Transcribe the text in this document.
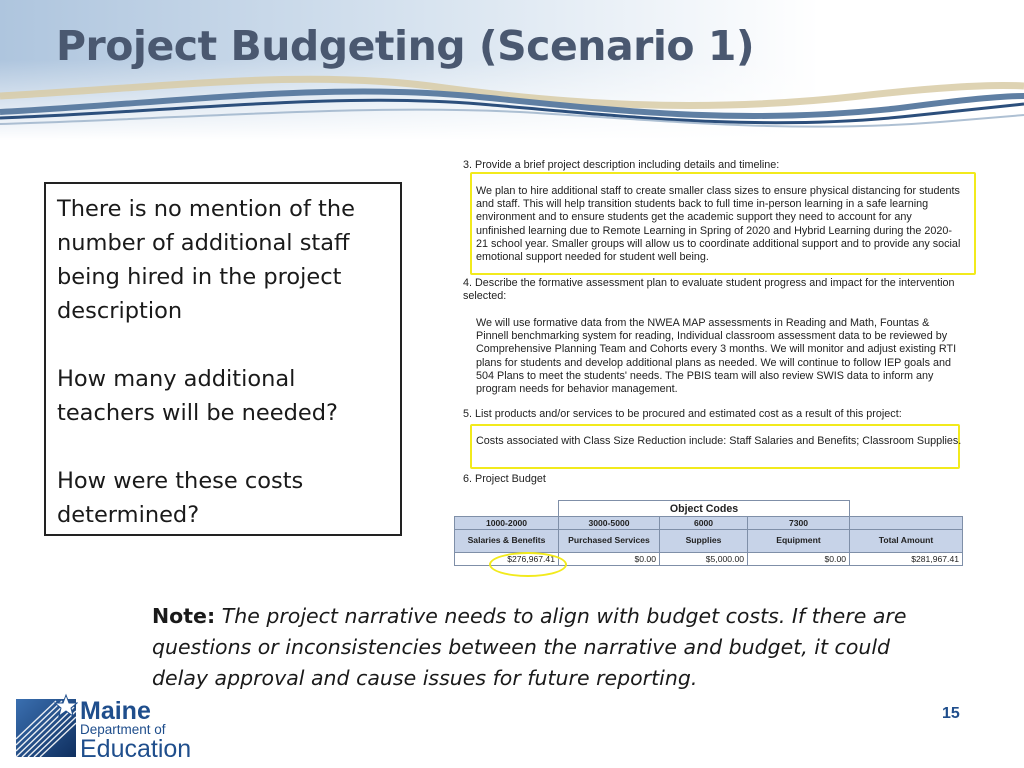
Project Budgeting (Scenario 1)

There is no mention of the number of additional staff being hired in the project description

How many additional teachers will be needed?

How were these costs determined?

3. Provide a brief project description including details and timeline:
We plan to hire additional staff to create smaller class sizes to ensure physical distancing for students and staff. This will help transition students back to full time in-person learning in a safe learning environment and to ensure students get the academic support they need to account for any unfinished learning due to Remote Learning in Spring of 2020 and Hybrid Learning during the 2020-21 school year. Smaller groups will allow us to coordinate additional support and to provide any social emotional support needed for student well being.
4. Describe the formative assessment plan to evaluate student progress and impact for the intervention selected:
We will use formative data from the NWEA MAP assessments in Reading and Math, Fountas & Pinnell benchmarking system for reading, Individual classroom assessment data to be reviewed by Comprehensive Planning Team and Cohorts every 3 months. We will monitor and adjust existing RTI plans for students and develop additional plans as needed. We will continue to follow IEP goals and 504 Plans to meet the students' needs. The PBIS team will also review SWIS data to inform any program needs for behavior management.
5. List products and/or services to be procured and estimated cost as a result of this project:
Costs associated with Class Size Reduction include: Staff Salaries and Benefits; Classroom Supplies.
6. Project Budget
	Object Codes			
1000-2000	3000-5000	6000	7300	
Salaries & Benefits	Purchased Services	Supplies	Equipment	Total Amount
$276,967.41	$0.00	$5,000.00	$0.00	$281,967.41

Note: The project narrative needs to align with budget costs. If there are questions or inconsistencies between the narrative and budget, it could delay approval and cause issues for future reporting.

Maine
Department of
Education
15
